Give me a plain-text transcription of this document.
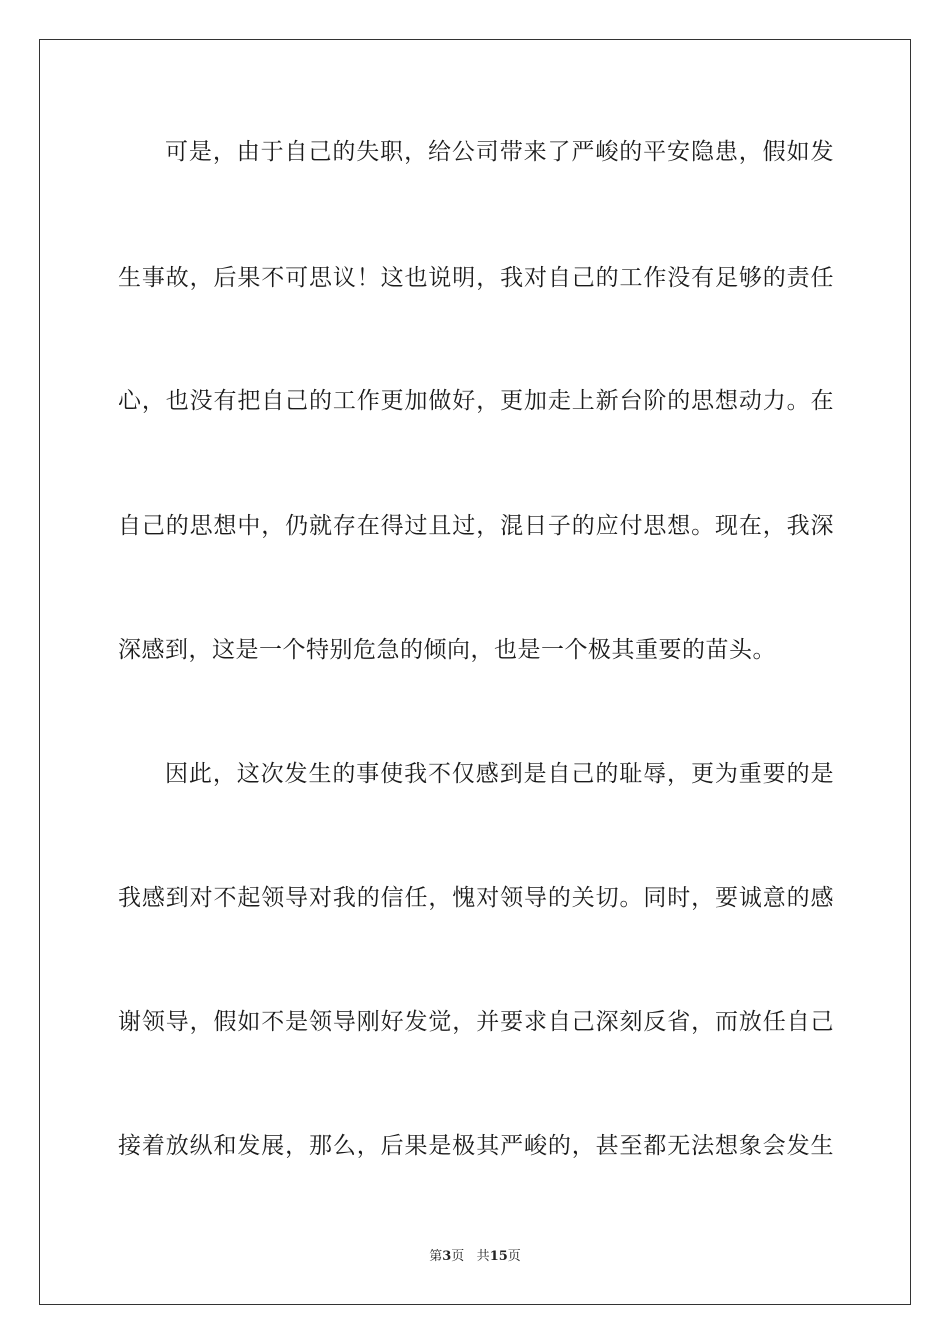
可是，由于自己的失职，给公司带来了严峻的平安隐患，假如发
生事故，后果不可思议！这也说明，我对自己的工作没有足够的责任
心，也没有把自己的工作更加做好，更加走上新台阶的思想动力。在
自己的思想中，仍就存在得过且过，混日子的应付思想。现在，我深
深感到，这是一个特别危急的倾向，也是一个极其重要的苗头。
因此，这次发生的事使我不仅感到是自己的耻辱，更为重要的是
我感到对不起领导对我的信任，愧对领导的关切。同时，要诚意的感
谢领导，假如不是领导刚好发觉，并要求自己深刻反省，而放任自己
接着放纵和发展，那么，后果是极其严峻的，甚至都无法想象会发生
第3页 共15页
